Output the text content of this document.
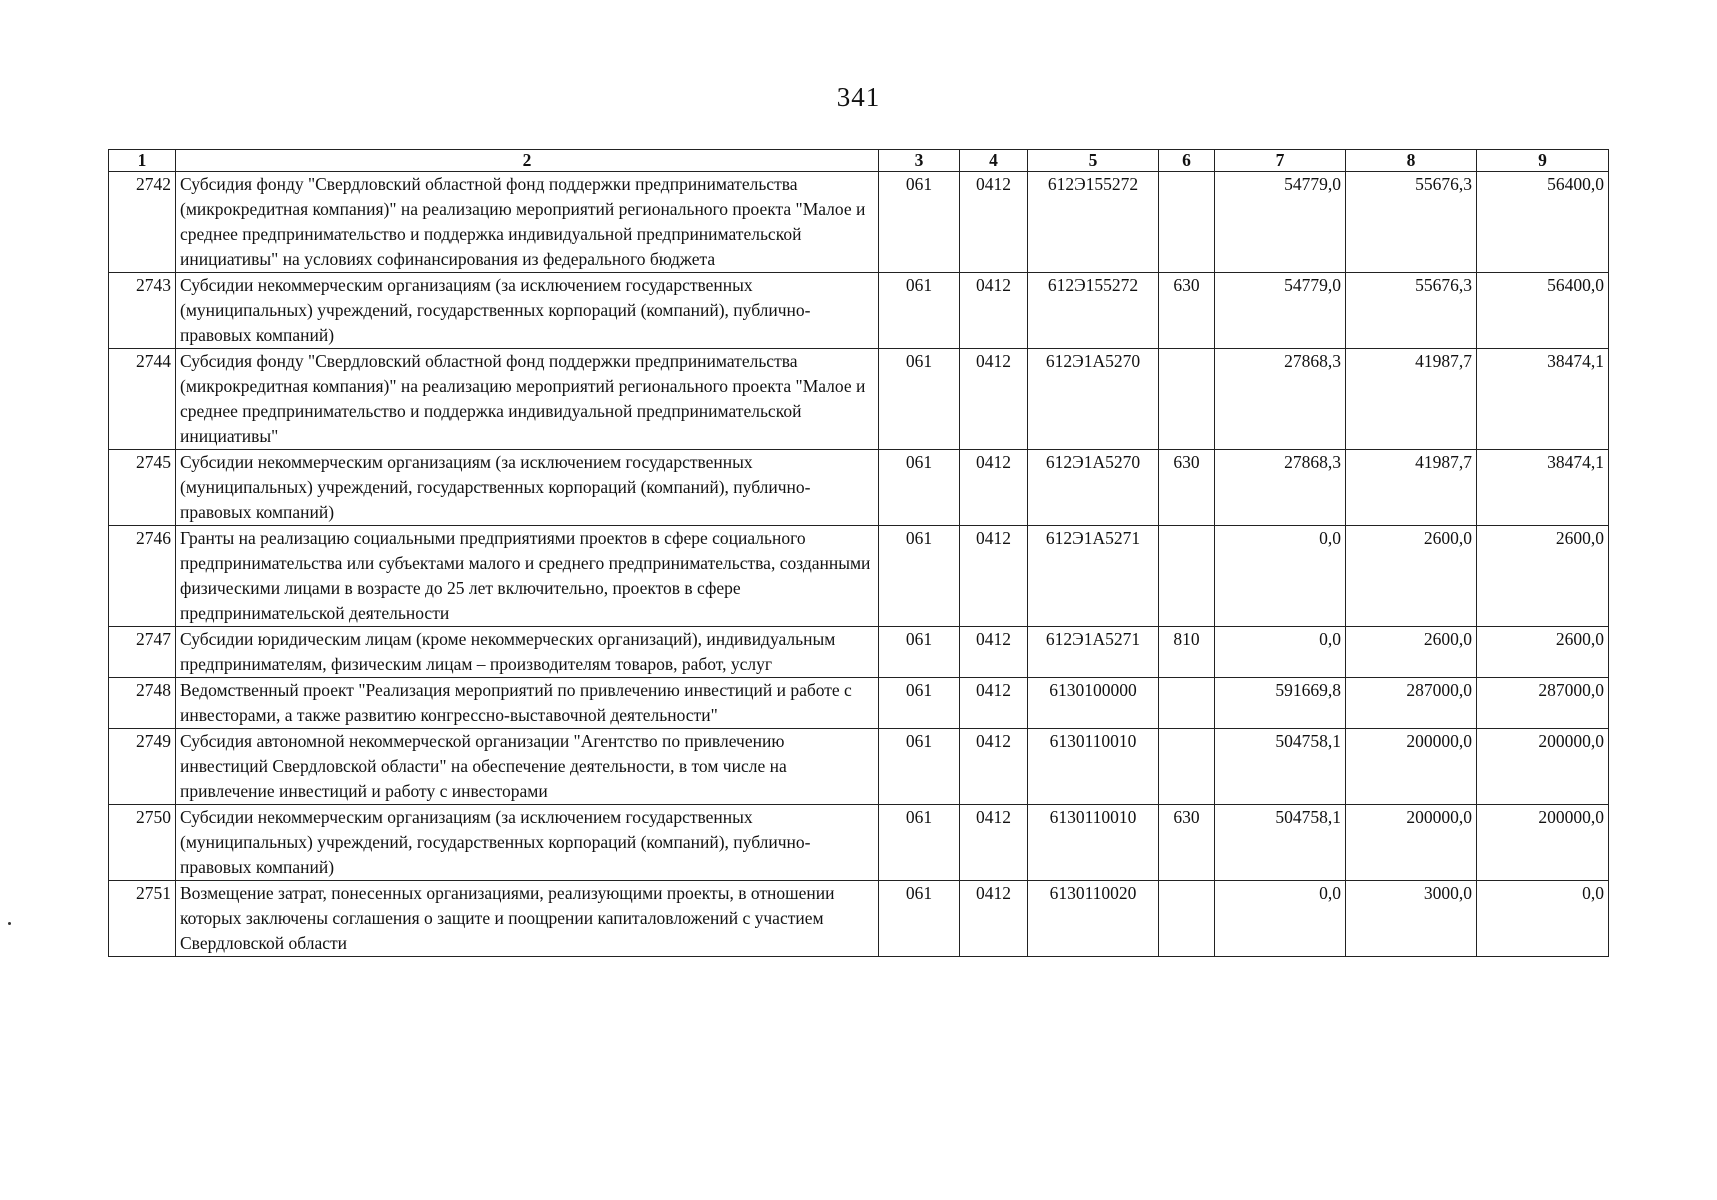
341
1	2	3	4	5	6	7	8	9
2742	Субсидия фонду "Свердловский областной фонд поддержки предпринимательства (микрокредитная компания)" на реализацию мероприятий регионального проекта "Малое и среднее предпринимательство и поддержка индивидуальной предпринимательской инициативы" на условиях софинансирования из федерального бюджета	061	0412	612Э155272		54779,0	55676,3	56400,0
2743	Субсидии некоммерческим организациям (за исключением государственных (муниципальных) учреждений, государственных корпораций (компаний), публично-правовых компаний)	061	0412	612Э155272	630	54779,0	55676,3	56400,0
2744	Субсидия фонду "Свердловский областной фонд поддержки предпринимательства (микрокредитная компания)" на реализацию мероприятий регионального проекта "Малое и среднее предпринимательство и поддержка индивидуальной предпринимательской инициативы"	061	0412	612Э1А5270		27868,3	41987,7	38474,1
2745	Субсидии некоммерческим организациям (за исключением государственных (муниципальных) учреждений, государственных корпораций (компаний), публично-правовых компаний)	061	0412	612Э1А5270	630	27868,3	41987,7	38474,1
2746	Гранты на реализацию социальными предприятиями проектов в сфере социального предпринимательства или субъектами малого и среднего предпринимательства, созданными физическими лицами в возрасте до 25 лет включительно, проектов в сфере предпринимательской деятельности	061	0412	612Э1А5271		0,0	2600,0	2600,0
2747	Субсидии юридическим лицам (кроме некоммерческих организаций), индивидуальным предпринимателям, физическим лицам – производителям товаров, работ, услуг	061	0412	612Э1А5271	810	0,0	2600,0	2600,0
2748	Ведомственный проект "Реализация мероприятий по привлечению инвестиций и работе с инвесторами, а также развитию конгрессно-выставочной деятельности"	061	0412	6130100000		591669,8	287000,0	287000,0
2749	Субсидия автономной некоммерческой организации "Агентство по привлечению инвестиций Свердловской области" на обеспечение деятельности, в том числе на привлечение инвестиций и работу с инвесторами	061	0412	6130110010		504758,1	200000,0	200000,0
2750	Субсидии некоммерческим организациям (за исключением государственных (муниципальных) учреждений, государственных корпораций (компаний), публично-правовых компаний)	061	0412	6130110010	630	504758,1	200000,0	200000,0
2751	Возмещение затрат, понесенных организациями, реализующими проекты, в отношении которых заключены соглашения о защите и поощрении капиталовложений с участием Свердловской области	061	0412	6130110020		0,0	3000,0	0,0
